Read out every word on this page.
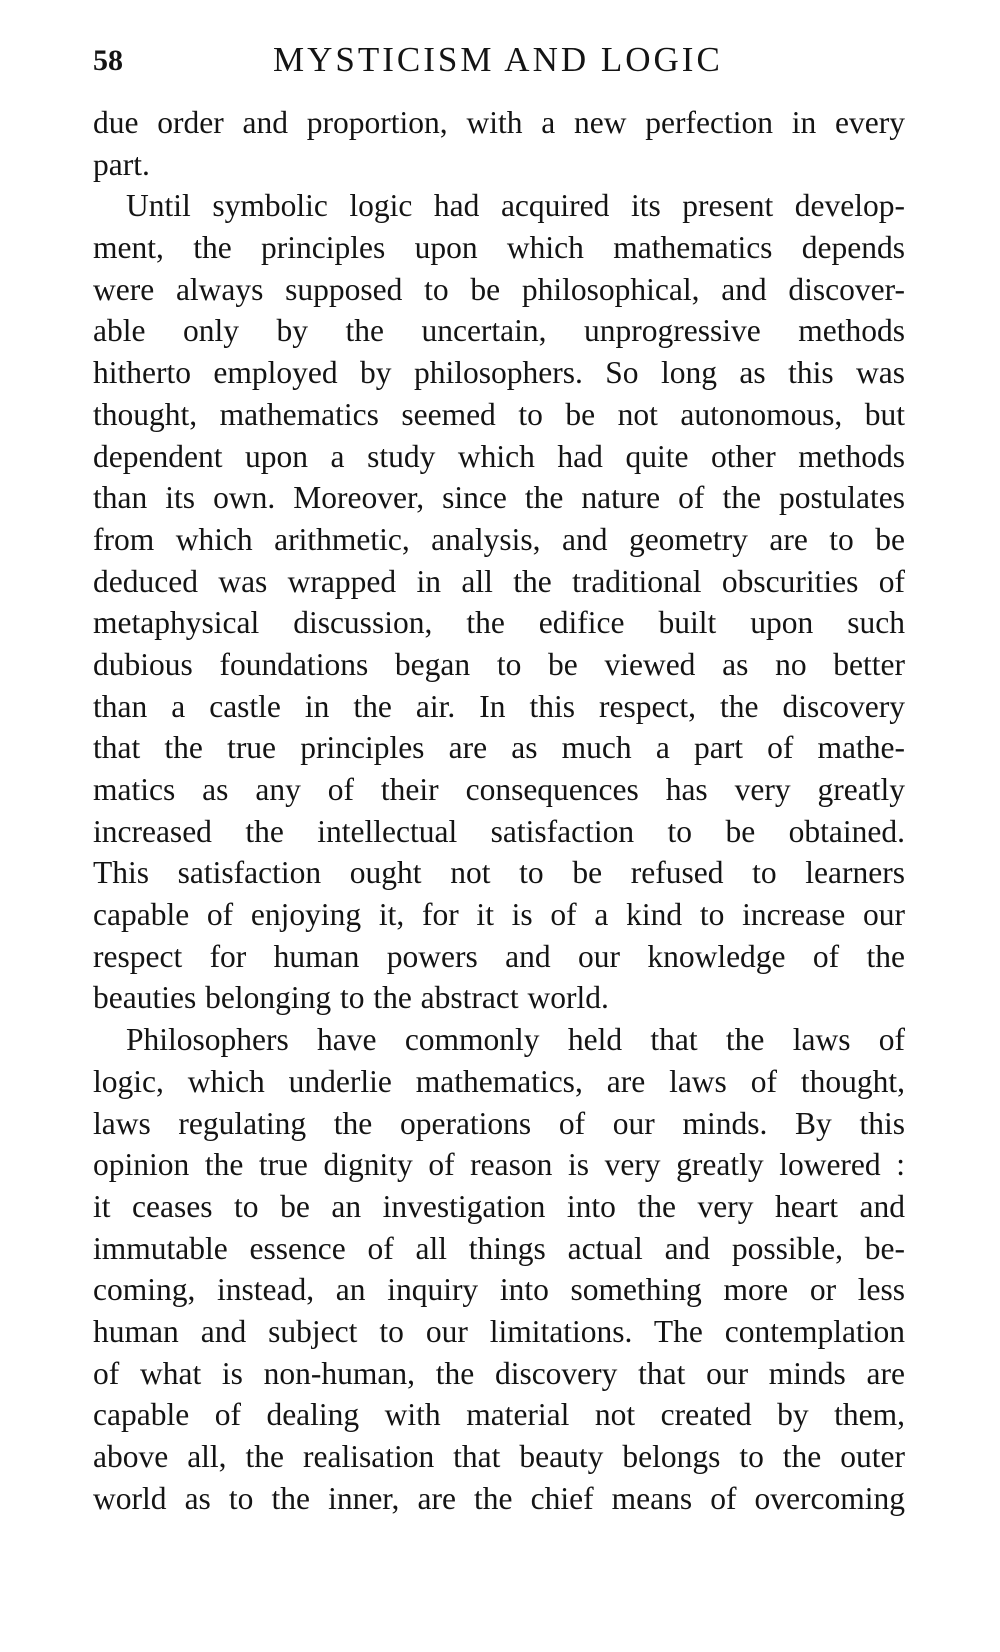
58	MYSTICISM AND LOGIC
due order and proportion, with a new perfection in every
part.
Until symbolic logic had acquired its present develop-
ment, the principles upon which mathematics depends
were always supposed to be philosophical, and discover-
able only by the uncertain, unprogressive methods
hitherto employed by philosophers. So long as this was
thought, mathematics seemed to be not autonomous, but
dependent upon a study which had quite other methods
than its own. Moreover, since the nature of the postulates
from which arithmetic, analysis, and geometry are to be
deduced was wrapped in all the traditional obscurities of
metaphysical discussion, the edifice built upon such
dubious foundations began to be viewed as no better
than a castle in the air. In this respect, the discovery
that the true principles are as much a part of mathe-
matics as any of their consequences has very greatly
increased the intellectual satisfaction to be obtained.
This satisfaction ought not to be refused to learners
capable of enjoying it, for it is of a kind to increase our
respect for human powers and our knowledge of the
beauties belonging to the abstract world.
Philosophers have commonly held that the laws of
logic, which underlie mathematics, are laws of thought,
laws regulating the operations of our minds. By this
opinion the true dignity of reason is very greatly lowered :
it ceases to be an investigation into the very heart and
immutable essence of all things actual and possible, be-
coming, instead, an inquiry into something more or less
human and subject to our limitations. The contemplation
of what is non-human, the discovery that our minds are
capable of dealing with material not created by them,
above all, the realisation that beauty belongs to the outer
world as to the inner, are the chief means of overcoming
